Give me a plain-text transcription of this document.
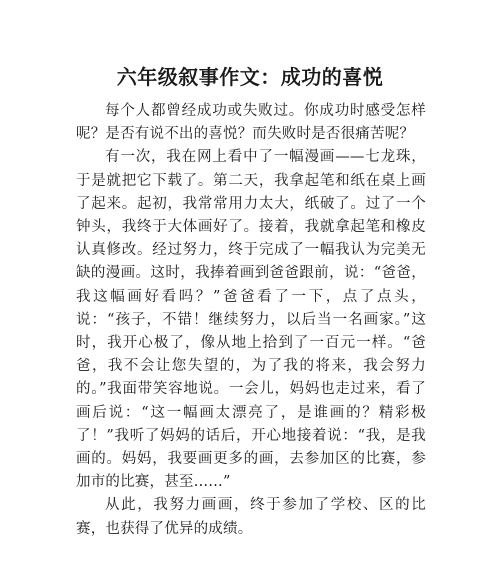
六年级叙事作文：成功的喜悦

每个人都曾经成功或失败过。你成功时感受怎样呢？是否有说不出的喜悦？而失败时是否很痛苦呢？

有一次，我在网上看中了一幅漫画——七龙珠，于是就把它下载了。第二天，我拿起笔和纸在桌上画了起来。起初，我常常用力太大，纸破了。过了一个钟头，我终于大体画好了。接着，我就拿起笔和橡皮认真修改。经过努力，终于完成了一幅我认为完美无缺的漫画。这时，我捧着画到爸爸跟前，说：“爸爸，我这幅画好看吗？”爸爸看了一下，点了点头，说：“孩子，不错！继续努力，以后当一名画家。”这时，我开心极了，像从地上拾到了一百元一样。“爸爸，我不会让您失望的，为了我的将来，我会努力的。”我面带笑容地说。一会儿，妈妈也走过来，看了画后说：“这一幅画太漂亮了，是谁画的？精彩极了！”我听了妈妈的话后，开心地接着说：“我，是我画的。妈妈，我要画更多的画，去参加区的比赛，参加市的比赛，甚至……”

从此，我努力画画，终于参加了学校、区的比赛，也获得了优异的成绩。
